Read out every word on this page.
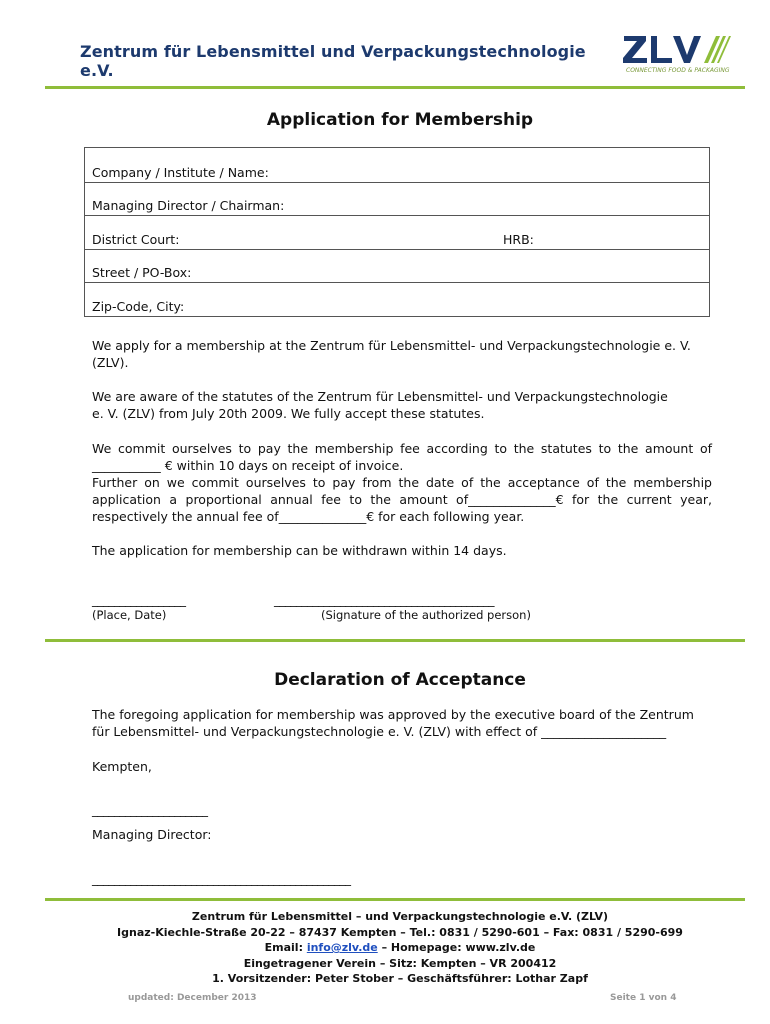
Zentrum für Lebensmittel und Verpackungstechnologie e.V.	CONNECTING FOOD & PACKAGING
Application for Membership
Company / Institute / Name:
Managing Director / Chairman:
District Court:	HRB:
Street / PO-Box:
Zip-Code, City:
We apply for a membership at the Zentrum für Lebensmittel- und Verpackungstechnologie e. V. (ZLV).
We are aware of the statutes of the Zentrum für Lebensmittel- und Verpackungstechnologie
e. V. (ZLV) from July 20th 2009. We fully accept these statutes.
We commit ourselves to pay the membership fee according to the statutes to the amount of ___________ € within 10 days on receipt of invoice.
Further on we commit ourselves to pay from the date of the acceptance of the membership application a proportional annual fee to the amount of______________€ for the current year, respectively the annual fee of______________€ for each following year.
The application for membership can be withdrawn within 14 days.
_________________
(Place, Date)
________________________________________
(Signature of the authorized person)
Declaration of Acceptance
The foregoing application for membership was approved by the executive board of the Zentrum für Lebensmittel- und Verpackungstechnologie e. V. (ZLV) with effect of ____________________
Kempten,
_____________________
Managing Director:
_______________________________________________
Zentrum für Lebensmittel – und Verpackungstechnologie e.V. (ZLV)
Ignaz-Kiechle-Straße 20-22 – 87437 Kempten – Tel.: 0831 / 5290-601 – Fax: 0831 / 5290-699
Email: info@zlv.de – Homepage: www.zlv.de
Eingetragener Verein – Sitz: Kempten – VR 200412
1. Vorsitzender: Peter Stober – Geschäftsführer: Lothar Zapf
updated: December 2013	Seite 1 von 4
